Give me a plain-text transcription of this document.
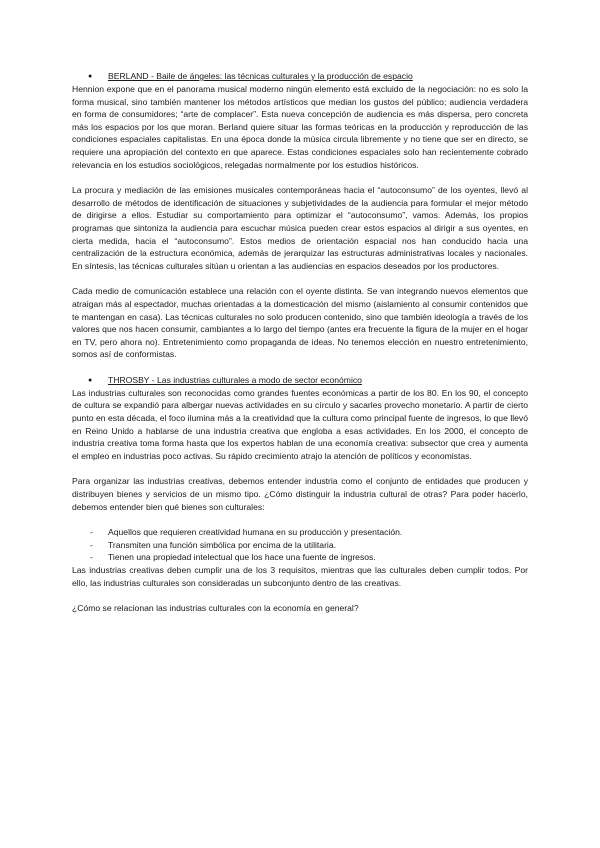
● BERLAND - Baile de ángeles: las técnicas culturales y la producción de espacio

Hennion expone que en el panorama musical moderno ningún elemento está excluido de la negociación: no es solo la forma musical, sino también mantener los métodos artísticos que median los gustos del público; audiencia verdadera en forma de consumidores; “arte de complacer”. Esta nueva concepción de audiencia es más dispersa, pero concreta más los espacios por los que moran. Berland quiere situar las formas teóricas en la producción y reproducción de las condiciones espaciales capitalistas. En una época donde la música circula libremente y no tiene que ser en directo, se requiere una apropiación del contexto en que aparece. Estas condiciones espaciales solo han recientemente cobrado relevancia en los estudios sociológicos, relegadas normalmente por los estudios históricos.

La procura y mediación de las emisiones musicales contemporáneas hacia el “autoconsumo” de los oyentes, llevó al desarrollo de métodos de identificación de situaciones y subjetividades de la audiencia para formular el mejor método de dirigirse a ellos. Estudiar su comportamiento para optimizar el “autoconsumo”, vamos. Además, los propios programas que sintoniza la audiencia para escuchar música pueden crear estos espacios al dirigir a sus oyentes, en cierta medida, hacia el “autoconsumo”. Estos medios de orientación espacial nos han conducido hacia una centralización de la estructura económica, además de jerarquizar las estructuras administrativas locales y nacionales. En síntesis, las técnicas culturales sitúan u orientan a las audiencias en espacios deseados por los productores.

Cada medio de comunicación establece una relación con el oyente distinta. Se van integrando nuevos elementos que atraigan más al espectador, muchas orientadas a la domesticación del mismo (aislamiento al consumir contenidos que te mantengan en casa). Las técnicas culturales no solo producen contenido, sino que también ideología a través de los valores que nos hacen consumir, cambiantes a lo largo del tiempo (antes era frecuente la figura de la mujer en el hogar en TV, pero ahora no). Entretenimiento como propaganda de ideas. No tenemos elección en nuestro entretenimiento, somos así de conformistas.

● THROSBY - Las industrias culturales a modo de sector económico

Las industrias culturales son reconocidas como grandes fuentes económicas a partir de los 80. En los 90, el concepto de cultura se expandió para albergar nuevas actividades en su círculo y sacarles provecho monetario. A partir de cierto punto en esta década, el foco ilumina más a la creatividad que la cultura como principal fuente de ingresos, lo que llevó en Reino Unido a hablarse de una industria creativa que engloba a esas actividades. En los 2000, el concepto de industria creativa toma forma hasta que los expertos hablan de una economía creativa: subsector que crea y aumenta el empleo en industrias poco activas. Su rápido crecimiento atrajo la atención de políticos y economistas.

Para organizar las industrias creativas, debemos entender industria como el conjunto de entidades que producen y distribuyen bienes y servicios de un mismo tipo. ¿Cómo distinguir la industria cultural de otras? Para poder hacerlo, debemos entender bien qué bienes son culturales:

- Aquellos que requieren creatividad humana en su producción y presentación.
- Transmiten una función simbólica por encima de la utilitaria.
- Tienen una propiedad intelectual que los hace una fuente de ingresos.

Las industrias creativas deben cumplir una de los 3 requisitos, mientras que las culturales deben cumplir todos. Por ello, las industrias culturales son consideradas un subconjunto dentro de las creativas.

¿Cómo se relacionan las industrias culturales con la economía en general?
